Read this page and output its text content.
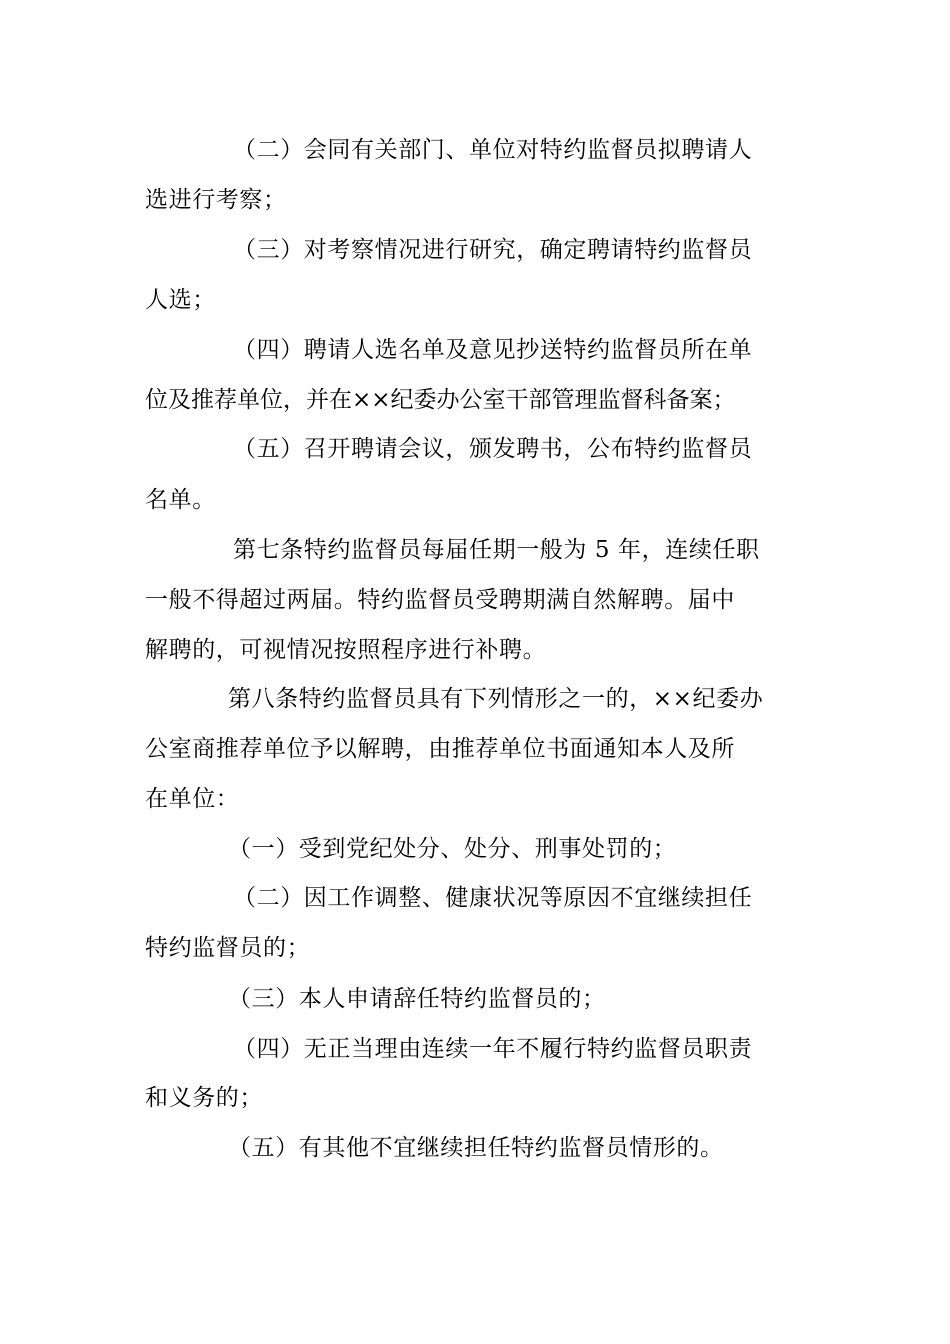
（二）会同有关部门、单位对特约监督员拟聘请人
选进行考察；
（三）对考察情况进行研究，确定聘请特约监督员
人选；
（四）聘请人选名单及意见抄送特约监督员所在单
位及推荐单位，并在××纪委办公室干部管理监督科备案；
（五）召开聘请会议，颁发聘书，公布特约监督员
名单。
第七条特约监督员每届任期一般为 5 年，连续任职
一般不得超过两届。特约监督员受聘期满自然解聘。届中
解聘的，可视情况按照程序进行补聘。
第八条特约监督员具有下列情形之一的，××纪委办
公室商推荐单位予以解聘，由推荐单位书面通知本人及所
在单位：
（一）受到党纪处分、处分、刑事处罚的；
（二）因工作调整、健康状况等原因不宜继续担任
特约监督员的；
（三）本人申请辞任特约监督员的；
（四）无正当理由连续一年不履行特约监督员职责
和义务的；
（五）有其他不宜继续担任特约监督员情形的。
